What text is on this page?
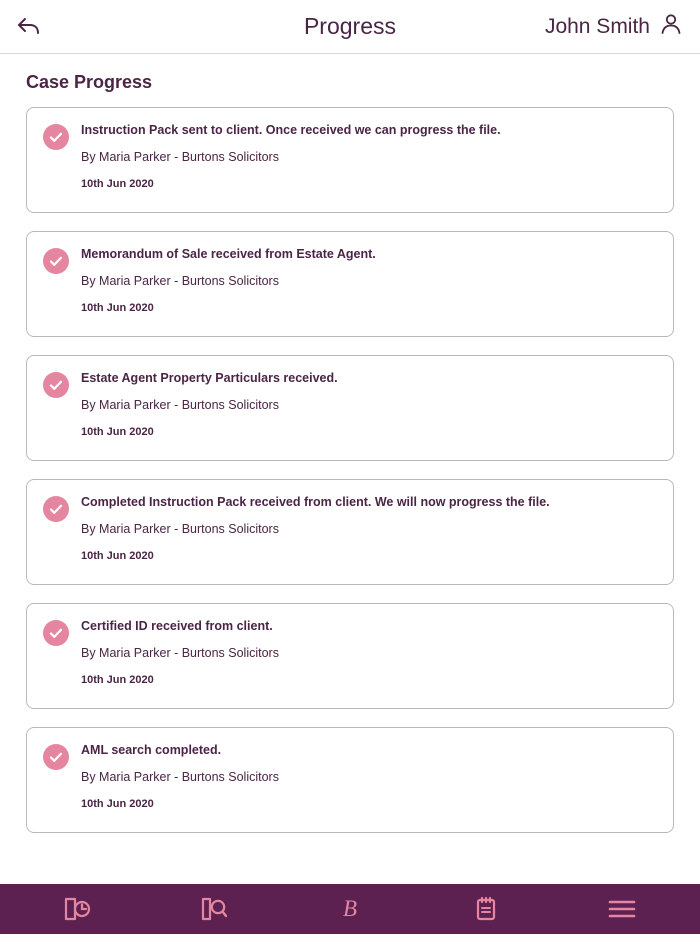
Progress	John Smith
Case Progress
Instruction Pack sent to client. Once received we can progress the file.
By Maria Parker - Burtons Solicitors
10th Jun 2020
Memorandum of Sale received from Estate Agent.
By Maria Parker - Burtons Solicitors
10th Jun 2020
Estate Agent Property Particulars received.
By Maria Parker - Burtons Solicitors
10th Jun 2020
Completed Instruction Pack received from client. We will now progress the file.
By Maria Parker - Burtons Solicitors
10th Jun 2020
Certified ID received from client.
By Maria Parker - Burtons Solicitors
10th Jun 2020
AML search completed.
By Maria Parker - Burtons Solicitors
10th Jun 2020
B
